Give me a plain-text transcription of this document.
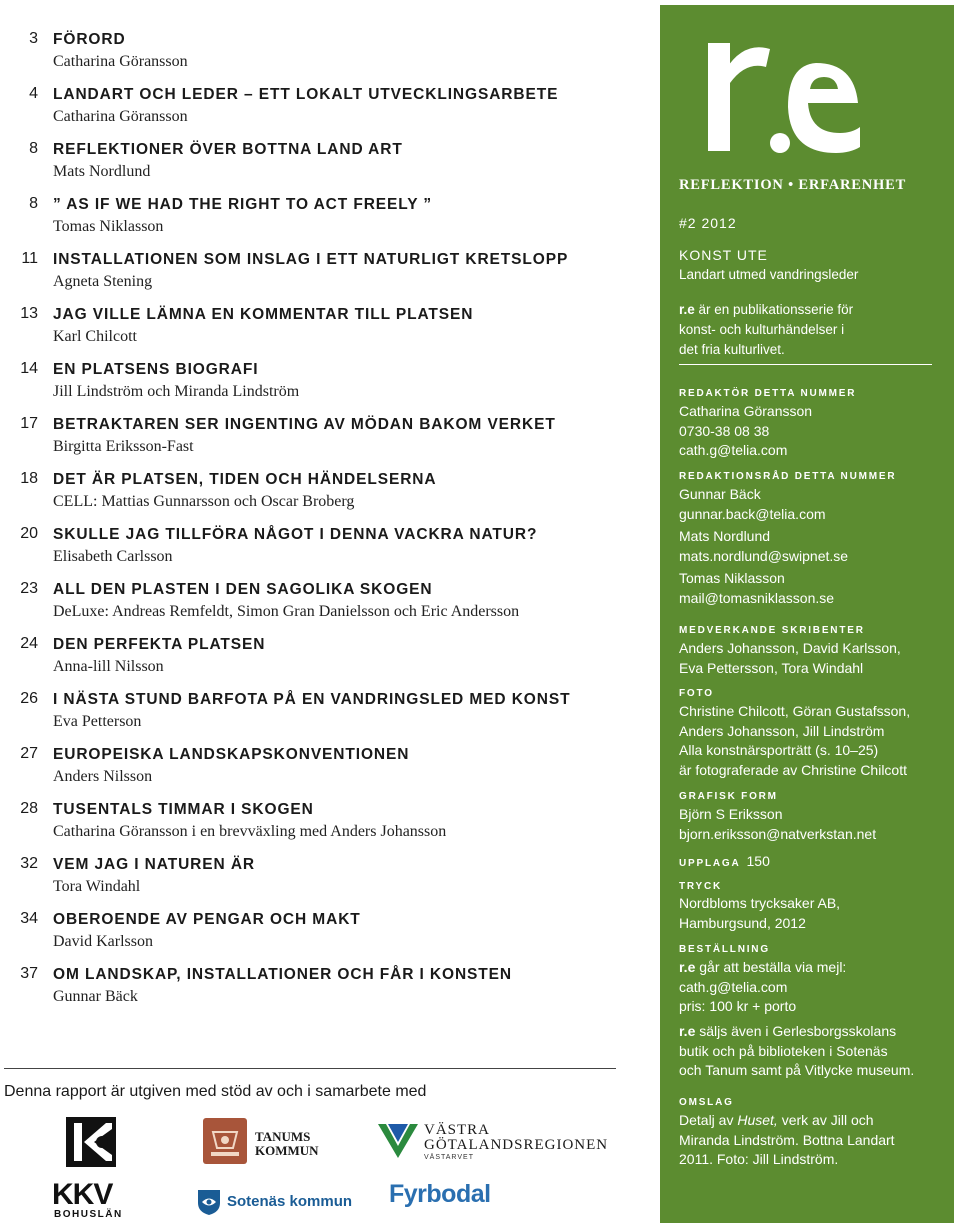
3 FÖRORD
Catharina Göransson
4 LANDART OCH LEDER – ETT LOKALT UTVECKLINGSARBETE
Catharina Göransson
8 REFLEKTIONER ÖVER BOTTNA LAND ART
Mats Nordlund
8 ” AS IF WE HAD THE RIGHT TO ACT FREELY ”
Tomas Niklasson
11 INSTALLATIONEN SOM INSLAG I ETT NATURLIGT KRETSLOPP
Agneta Stening
13 JAG VILLE LÄMNA EN KOMMENTAR TILL PLATSEN
Karl Chilcott
14 EN PLATSENS BIOGRAFI
Jill Lindström och Miranda Lindström
17 BETRAKTAREN SER INGENTING AV MÖDAN BAKOM VERKET
Birgitta Eriksson-Fast
18 DET ÄR PLATSEN, TIDEN OCH HÄNDELSERNA
CELL: Mattias Gunnarsson och Oscar Broberg
20 SKULLE JAG TILLFÖRA NÅGOT I DENNA VACKRA NATUR?
Elisabeth Carlsson
23 ALL DEN PLASTEN I DEN SAGOLIKA SKOGEN
DeLuxe: Andreas Remfeldt, Simon Gran Danielsson och Eric Andersson
24 DEN PERFEKTA PLATSEN
Anna-lill Nilsson
26 I NÄSTA STUND BARFOTA PÅ EN VANDRINGSLED MED KONST
Eva Petterson
27 EUROPEISKA LANDSKAPSKONVENTIONEN
Anders Nilsson
28 TUSENTALS TIMMAR I SKOGEN
Catharina Göransson i en brevväxling med Anders Johansson
32 VEM JAG I NATUREN ÄR
Tora Windahl
34 OBEROENDE AV PENGAR OCH MAKT
David Karlsson
37 OM LANDSKAP, INSTALLATIONER OCH FÅR I KONSTEN
Gunnar Bäck
Denna rapport är utgiven med stöd av och i samarbete med
KKV
BOHUSLÄN
TANUMS
KOMMUN
Sotenäs kommun
VÄSTRA
GÖTALANDSREGIONEN
VÄSTARVET
Fyrbodal
REFLEKTION • ERFARENHET
#2 2012
KONST UTE
Landart utmed vandringsleder
r.e är en publikationsserie för
konst- och kulturhändelser i
det fria kulturlivet.
REDAKTÖR DETTA NUMMER
Catharina Göransson
0730-38 08 38
cath.g@telia.com
REDAKTIONSRÅD DETTA NUMMER
Gunnar Bäck
gunnar.back@telia.com
Mats Nordlund
mats.nordlund@swipnet.se
Tomas Niklasson
mail@tomasniklasson.se
MEDVERKANDE SKRIBENTER
Anders Johansson, David Karlsson,
Eva Pettersson, Tora Windahl
FOTO
Christine Chilcott, Göran Gustafsson,
Anders Johansson, Jill Lindström
Alla konstnärsporträtt (s. 10–25)
är fotograferade av Christine Chilcott
GRAFISK FORM
Björn S Eriksson
bjorn.eriksson@natverkstan.net
UPPLAGA 150
TRYCK
Nordbloms trycksaker AB,
Hamburgsund, 2012
BESTÄLLNING
r.e går att beställa via mejl:
cath.g@telia.com
pris: 100 kr + porto
r.e säljs även i Gerlesborgsskolans
butik och på biblioteken i Sotenäs
och Tanum samt på Vitlycke museum.
OMSLAG
Detalj av Huset, verk av Jill och
Miranda Lindström. Bottna Landart
2011. Foto: Jill Lindström.
